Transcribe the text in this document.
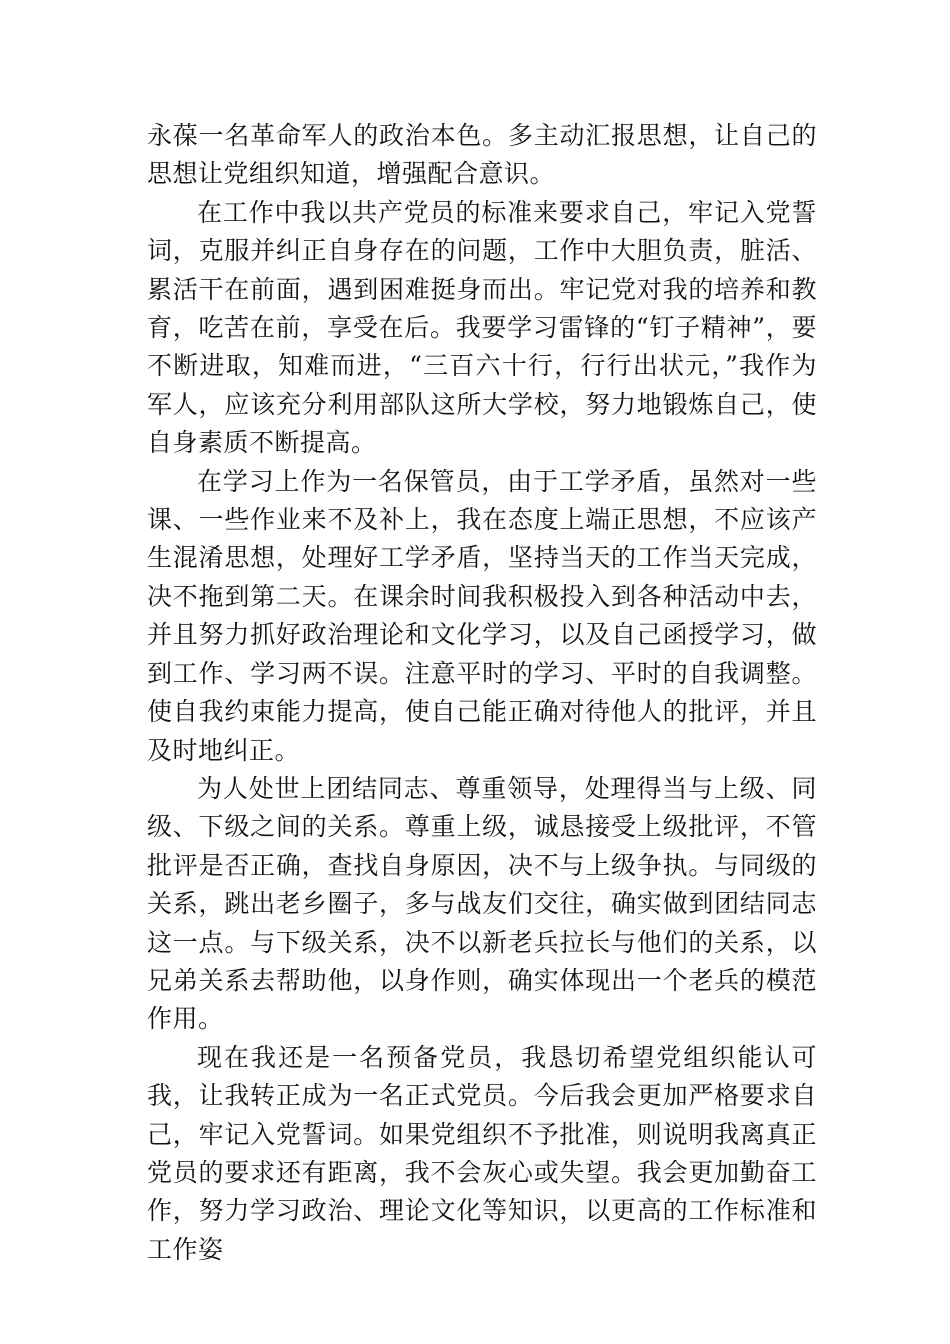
永葆一名革命军人的政治本色。多主动汇报思想，让自己的思想让党组织知道，增强配合意识。

在工作中我以共产党员的标准来要求自己，牢记入党誓词，克服并纠正自身存在的问题，工作中大胆负责，脏活、累活干在前面，遇到困难挺身而出。牢记党对我的培养和教育，吃苦在前，享受在后。我要学习雷锋的“钉子精神”，要不断进取，知难而进，“三百六十行，行行出状元，”我作为军人，应该充分利用部队这所大学校，努力地锻炼自己，使自身素质不断提高。

在学习上作为一名保管员，由于工学矛盾，虽然对一些课、一些作业来不及补上，我在态度上端正思想，不应该产生混淆思想，处理好工学矛盾，坚持当天的工作当天完成，决不拖到第二天。在课余时间我积极投入到各种活动中去，并且努力抓好政治理论和文化学习，以及自己函授学习，做到工作、学习两不误。注意平时的学习、平时的自我调整。使自我约束能力提高，使自己能正确对待他人的批评，并且及时地纠正。

为人处世上团结同志、尊重领导，处理得当与上级、同级、下级之间的关系。尊重上级，诚恳接受上级批评，不管批评是否正确，查找自身原因，决不与上级争执。与同级的关系，跳出老乡圈子，多与战友们交往，确实做到团结同志这一点。与下级关系，决不以新老兵拉长与他们的关系，以兄弟关系去帮助他，以身作则，确实体现出一个老兵的模范作用。

现在我还是一名预备党员，我恳切希望党组织能认可我，让我转正成为一名正式党员。今后我会更加严格要求自己，牢记入党誓词。如果党组织不予批准，则说明我离真正党员的要求还有距离，我不会灰心或失望。我会更加勤奋工作，努力学习政治、理论文化等知识，以更高的工作标准和工作姿
